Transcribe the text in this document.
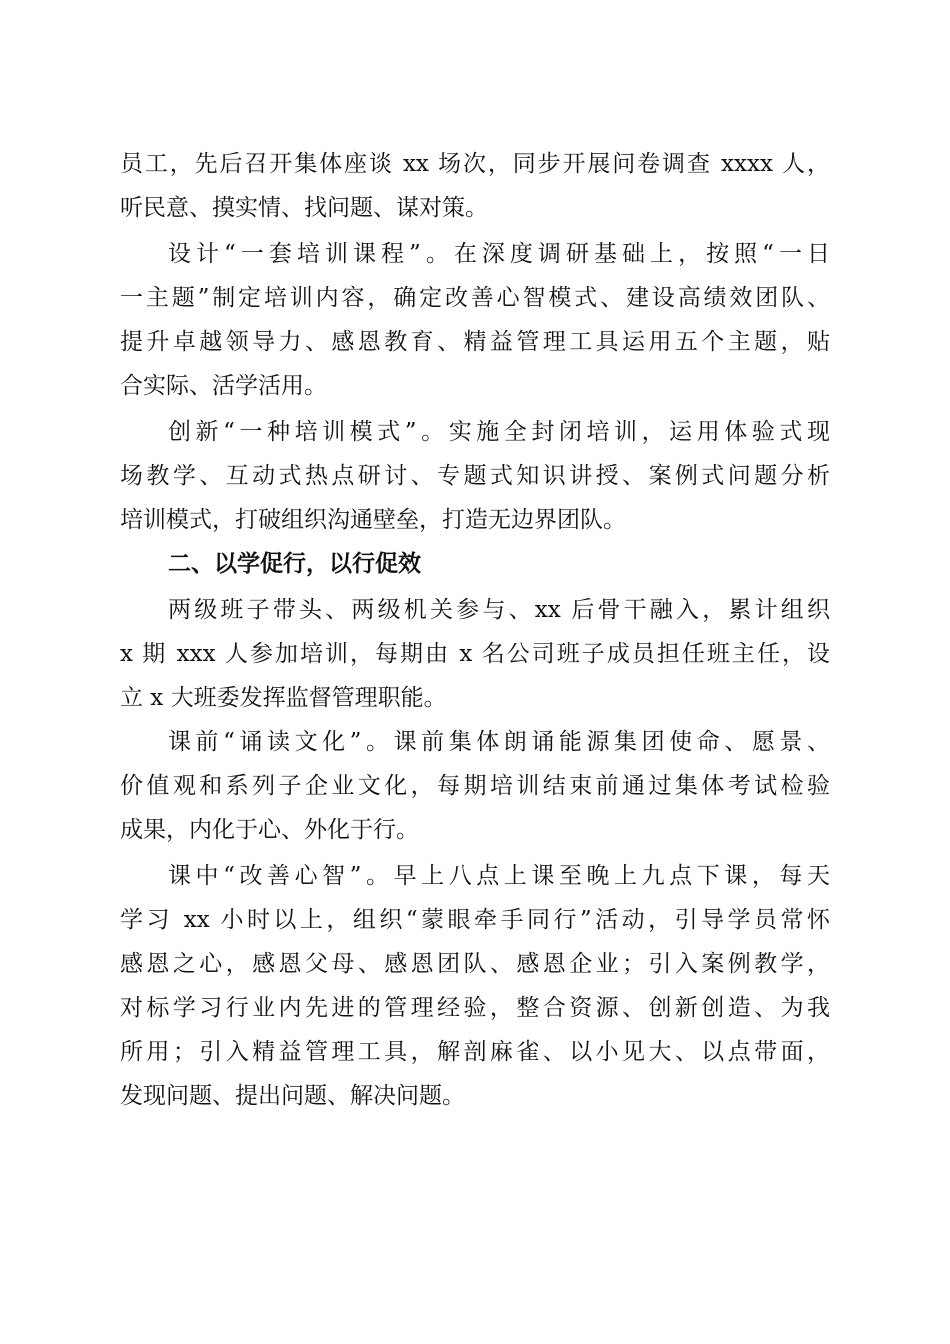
员工，先后召开集体座谈 xx 场次，同步开展问卷调查 xxxx 人，
听民意、摸实情、找问题、谋对策。
设计“一套培训课程”。在深度调研基础上，按照“一日
一主题”制定培训内容，确定改善心智模式、建设高绩效团队、
提升卓越领导力、感恩教育、精益管理工具运用五个主题，贴
合实际、活学活用。
创新“一种培训模式”。实施全封闭培训，运用体验式现
场教学、互动式热点研讨、专题式知识讲授、案例式问题分析
培训模式，打破组织沟通壁垒，打造无边界团队。
二、以学促行，以行促效
两级班子带头、两级机关参与、xx 后骨干融入，累计组织
x 期 xxx 人参加培训，每期由 x 名公司班子成员担任班主任，设
立 x 大班委发挥监督管理职能。
课前“诵读文化”。课前集体朗诵能源集团使命、愿景、
价值观和系列子企业文化，每期培训结束前通过集体考试检验
成果，内化于心、外化于行。
课中“改善心智”。早上八点上课至晚上九点下课，每天
学习 xx 小时以上，组织“蒙眼牵手同行”活动，引导学员常怀
感恩之心，感恩父母、感恩团队、感恩企业；引入案例教学，
对标学习行业内先进的管理经验，整合资源、创新创造、为我
所用；引入精益管理工具，解剖麻雀、以小见大、以点带面，
发现问题、提出问题、解决问题。
